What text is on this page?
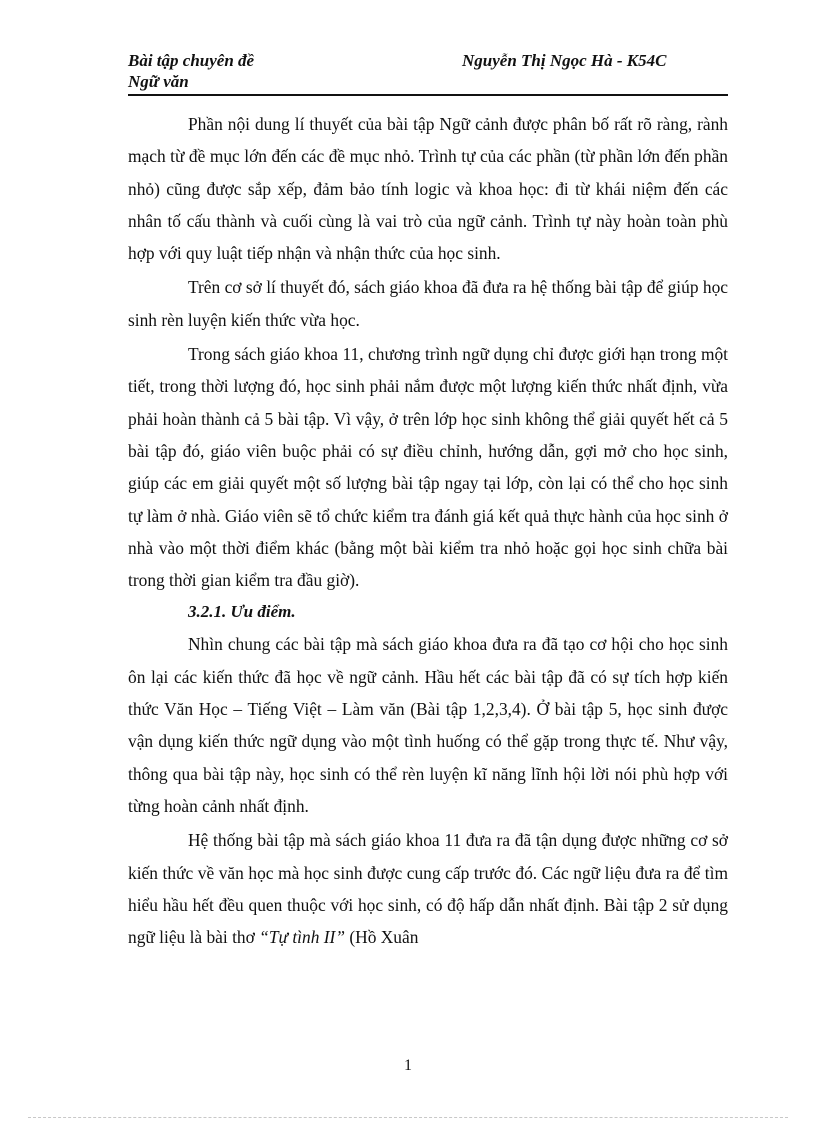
Bài tập chuyên đề
Ngữ văn
Nguyễn Thị Ngọc Hà - K54C

Phần nội dung lí thuyết của bài tập Ngữ cảnh được phân bố rất rõ ràng, rành mạch từ đề mục lớn đến các đề mục nhỏ. Trình tự của các phần (từ phần lớn đến phần nhỏ) cũng được sắp xếp, đảm bảo tính logic và khoa học: đi từ khái niệm đến các nhân tố cấu thành và cuối cùng là vai trò của ngữ cảnh. Trình tự này hoàn toàn phù hợp với quy luật tiếp nhận và nhận thức của học sinh.

Trên cơ sở lí thuyết đó, sách giáo khoa đã đưa ra hệ thống bài tập để giúp học sinh rèn luyện kiến thức vừa học.

Trong sách giáo khoa 11, chương trình ngữ dụng chỉ được giới hạn trong một tiết, trong thời lượng đó, học sinh phải nắm được một lượng kiến thức nhất định, vừa phải hoàn thành cả 5 bài tập. Vì vậy, ở trên lớp học sinh không thể giải quyết hết cả 5 bài tập đó, giáo viên buộc phải có sự điều chỉnh, hướng dẫn, gợi mở cho học sinh, giúp các em giải quyết một số lượng bài tập ngay tại lớp, còn lại có thể cho học sinh tự làm ở nhà. Giáo viên sẽ tổ chức kiểm tra đánh giá kết quả thực hành của học sinh ở nhà vào một thời điểm khác (bằng một bài kiểm tra nhỏ hoặc gọi học sinh chữa bài trong thời gian kiểm tra đầu giờ).

3.2.1. Ưu điểm.

Nhìn chung các bài tập mà sách giáo khoa đưa ra đã tạo cơ hội cho học sinh ôn lại các kiến thức đã học về ngữ cảnh. Hầu hết các bài tập đã có sự tích hợp kiến thức Văn Học – Tiếng Việt – Làm văn (Bài tập 1,2,3,4). Ở bài tập 5, học sinh được vận dụng kiến thức ngữ dụng vào một tình huống có thể gặp trong thực tế. Như vậy, thông qua bài tập này, học sinh có thể rèn luyện kĩ năng lĩnh hội lời nói phù hợp với từng hoàn cảnh nhất định.

Hệ thống bài tập mà sách giáo khoa 11 đưa ra đã tận dụng được những cơ sở kiến thức về văn học mà học sinh được cung cấp trước đó. Các ngữ liệu đưa ra để tìm hiểu hầu hết đều quen thuộc với học sinh, có độ hấp dẫn nhất định. Bài tập 2 sử dụng ngữ liệu là bài thơ “Tự tình II” (Hồ Xuân

1
